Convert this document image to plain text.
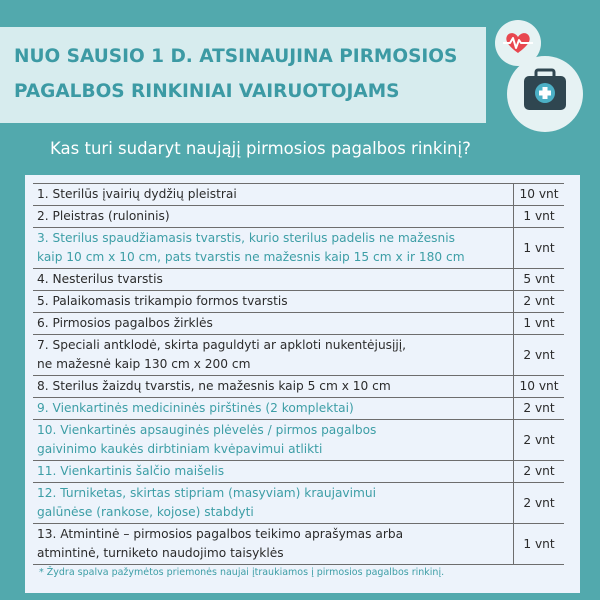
NUO SAUSIO 1 D. ATSINAUJINA PIRMOSIOS
PAGALBOS RINKINIAI VAIRUOTOJAMS
Kas turi sudaryt naująjį pirmosios pagalbos rinkinį?
1. Sterilūs įvairių dydžių pleistrai	10 vnt

2. Pleistras (ruloninis)	1 vnt

3. Sterilus spaudžiamasis tvarstis, kurio sterilus padelis ne mažesnis
kaip 10 cm x 10 cm, pats tvarstis ne mažesnis kaip 15 cm x ir 180 cm	1 vnt

4. Nesterilus tvarstis	5 vnt

5. Palaikomasis trikampio formos tvarstis	2 vnt

6. Pirmosios pagalbos žirklės	1 vnt

7. Speciali antklodė, skirta paguldyti ar apkloti nukentėjusįjį,
ne mažesnė kaip 130 cm x 200 cm	2 vnt

8. Sterilus žaizdų tvarstis, ne mažesnis kaip 5 cm x 10 cm	10 vnt

9. Vienkartinės medicininės pirštinės (2 komplektai)	2 vnt

10. Vienkartinės apsauginės plėvelės / pirmos pagalbos
gaivinimo kaukės dirbtiniam kvėpavimui atlikti	2 vnt

11. Vienkartinis šalčio maišelis	2 vnt

12. Turniketas, skirtas stipriam (masyviam) kraujavimui
galūnėse (rankose, kojose) stabdyti	2 vnt

13. Atmintinė – pirmosios pagalbos teikimo aprašymas arba
atmintinė, turniketo naudojimo taisyklės	1 vnt
* Žydra spalva pažymėtos priemonės naujai įtraukiamos į pirmosios pagalbos rinkinį.
